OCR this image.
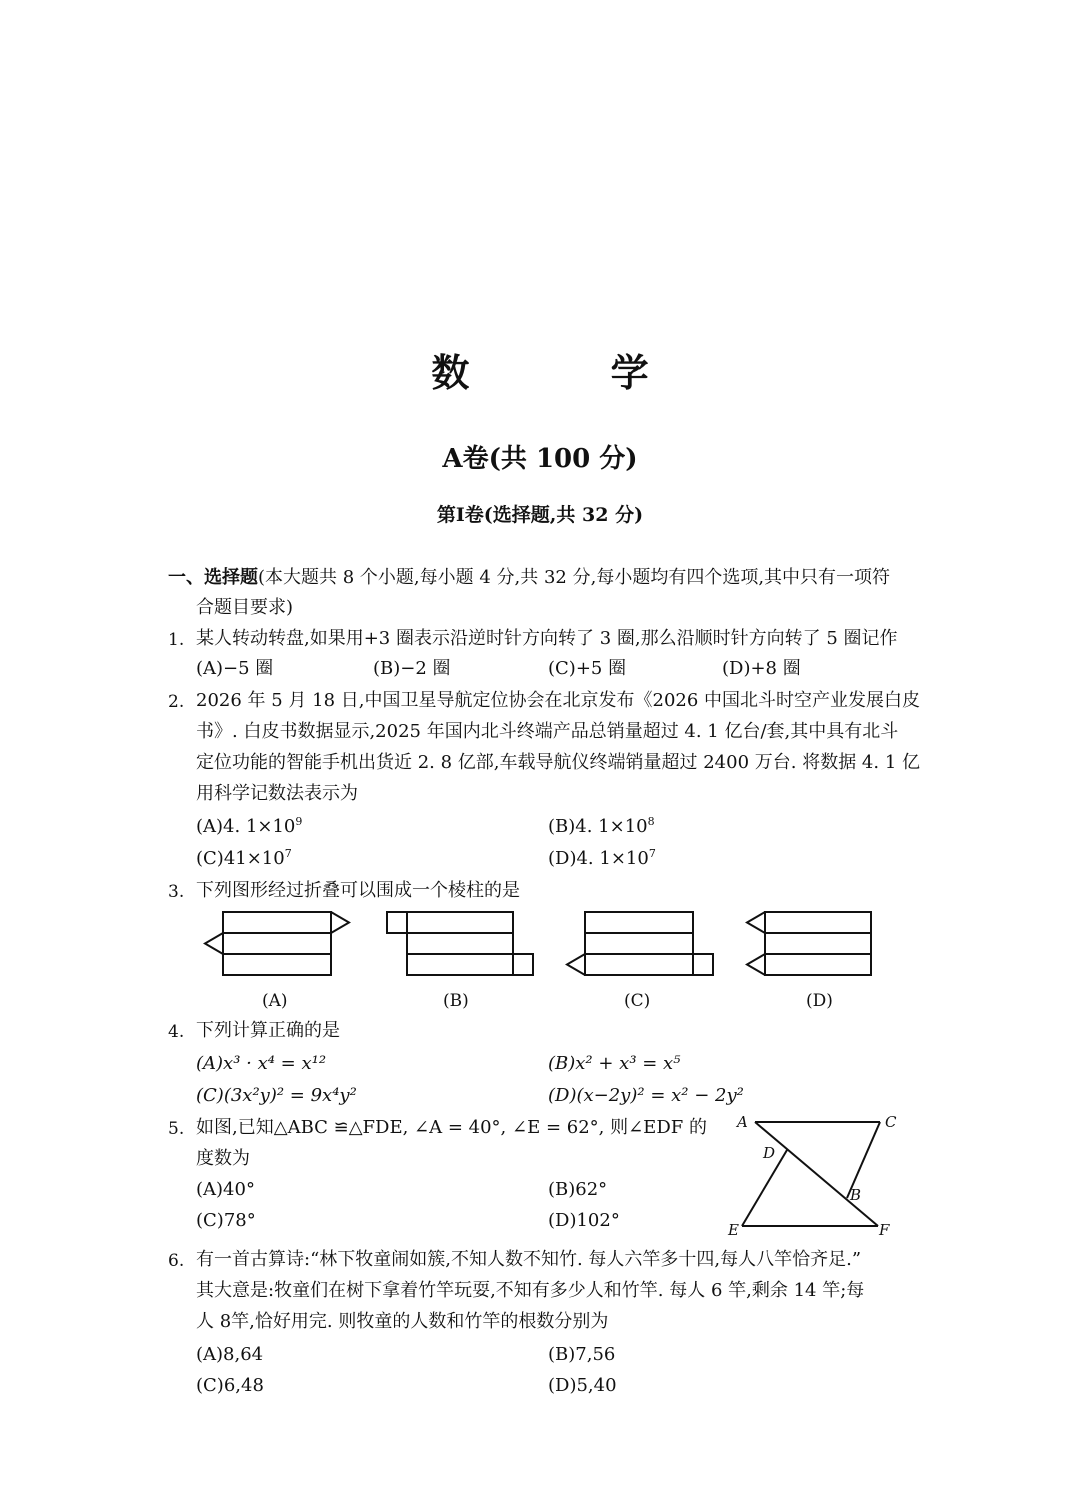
数 学
A卷(共 100 分)
第Ⅰ卷(选择题,共 32 分)
一、选择题(本大题共 8 个小题,每小题 4 分,共 32 分,每小题均有四个选项,其中只有一项符
合题目要求)
1. 某人转动转盘,如果用+3 圈表示沿逆时针方向转了 3 圈,那么沿顺时针方向转了 5 圈记作
(A)−5 圈	(B)−2 圈	(C)+5 圈	(D)+8 圈
2. 2026 年 5 月 18 日,中国卫星导航定位协会在北京发布《2026 中国北斗时空产业发展白皮
书》. 白皮书数据显示,2025 年国内北斗终端产品总销量超过 4. 1 亿台/套,其中具有北斗
定位功能的智能手机出货近 2. 8 亿部,车载导航仪终端销量超过 2400 万台. 将数据 4. 1 亿
用科学记数法表示为
(A)4. $1\times 10^9$	(B)4. $1\times 10^8$
$(C)41\times 10^7$	(D)4. $1\times 10^7$
3. 下列图形经过折叠可以围成一个棱柱的是
(A)	(B)	(C)	(D)
4. 下列计算正确的是
(A)x³ · x⁴ = x¹²	(B)x² + x³ = x⁵
(C)(3x²y)² = 9x⁴y²	(D)(x−2y)² = x² − 2y²
5. 如图,已知△ABC ≌△FDE, ∠A = 40°, ∠E = 62°, 则∠EDF 的
度数为
(A)40°	(B)62°
(C)78°	(D)102°
A	C
D
B
E	F
6. 有一首古算诗:“林下牧童闹如簇,不知人数不知竹. 每人六竿多十四,每人八竿恰齐足.”
其大意是:牧童们在树下拿着竹竿玩耍,不知有多少人和竹竿. 每人 6 竿,剩余 14 竿;每
人 8竿,恰好用完. 则牧童的人数和竹竿的根数分别为
(A)8,64	(B)7,56
(C)6,48	(D)5,40
